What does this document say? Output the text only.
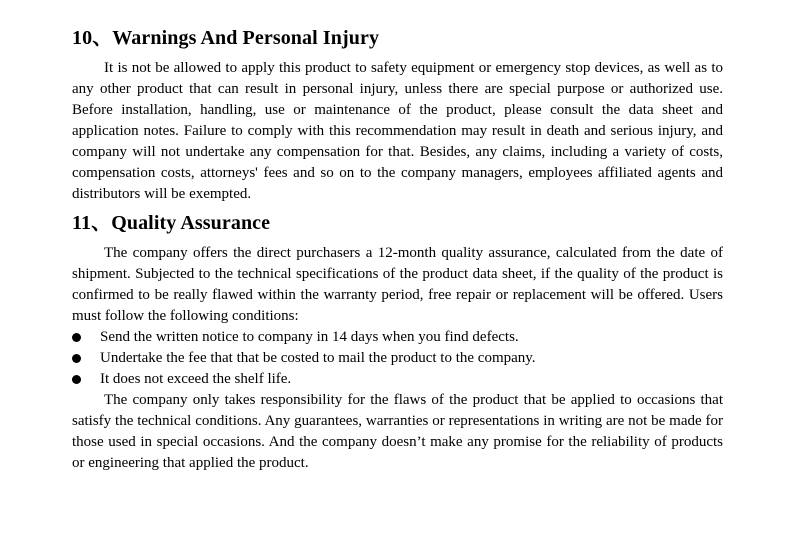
10、Warnings And Personal Injury

It is not be allowed to apply this product to safety equipment or emergency stop devices, as well as to any other product that can result in personal injury, unless there are special purpose or authorized use. Before installation, handling, use or maintenance of the product, please consult the data sheet and application notes. Failure to comply with this recommendation may result in death and serious injury, and company will not undertake any compensation for that. Besides, any claims, including a variety of costs, compensation costs, attorneys' fees and so on to the company managers, employees affiliated agents and distributors will be exempted.

11、Quality Assurance

The company offers the direct purchasers a 12-month quality assurance, calculated from the date of shipment. Subjected to the technical specifications of the product data sheet, if the quality of the product is confirmed to be really flawed within the warranty period, free repair or replacement will be offered. Users must follow the following conditions:

Send the written notice to company in 14 days when you find defects.
Undertake the fee that that be costed to mail the product to the company.
It does not exceed the shelf life.

The company only takes responsibility for the flaws of the product that be applied to occasions that satisfy the technical conditions. Any guarantees, warranties or representations in writing are not be made for those used in special occasions. And the company doesn’t make any promise for the reliability of products or engineering that applied the product.
